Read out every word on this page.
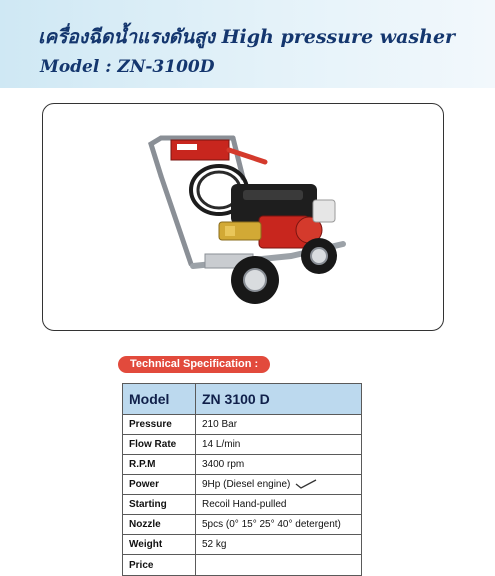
เครื่องฉีดน้ำแรงดันสูง High pressure washer
Model : ZN-3100D
Technical Specification :
Model	ZN 3100 D
Pressure	210 Bar
Flow Rate	14 L/min
R.P.M	3400 rpm
Power	9Hp (Diesel engine)
Starting	Recoil Hand-pulled
Nozzle	5pcs (0° 15° 25° 40° detergent)
Weight	52 kg
Price	
